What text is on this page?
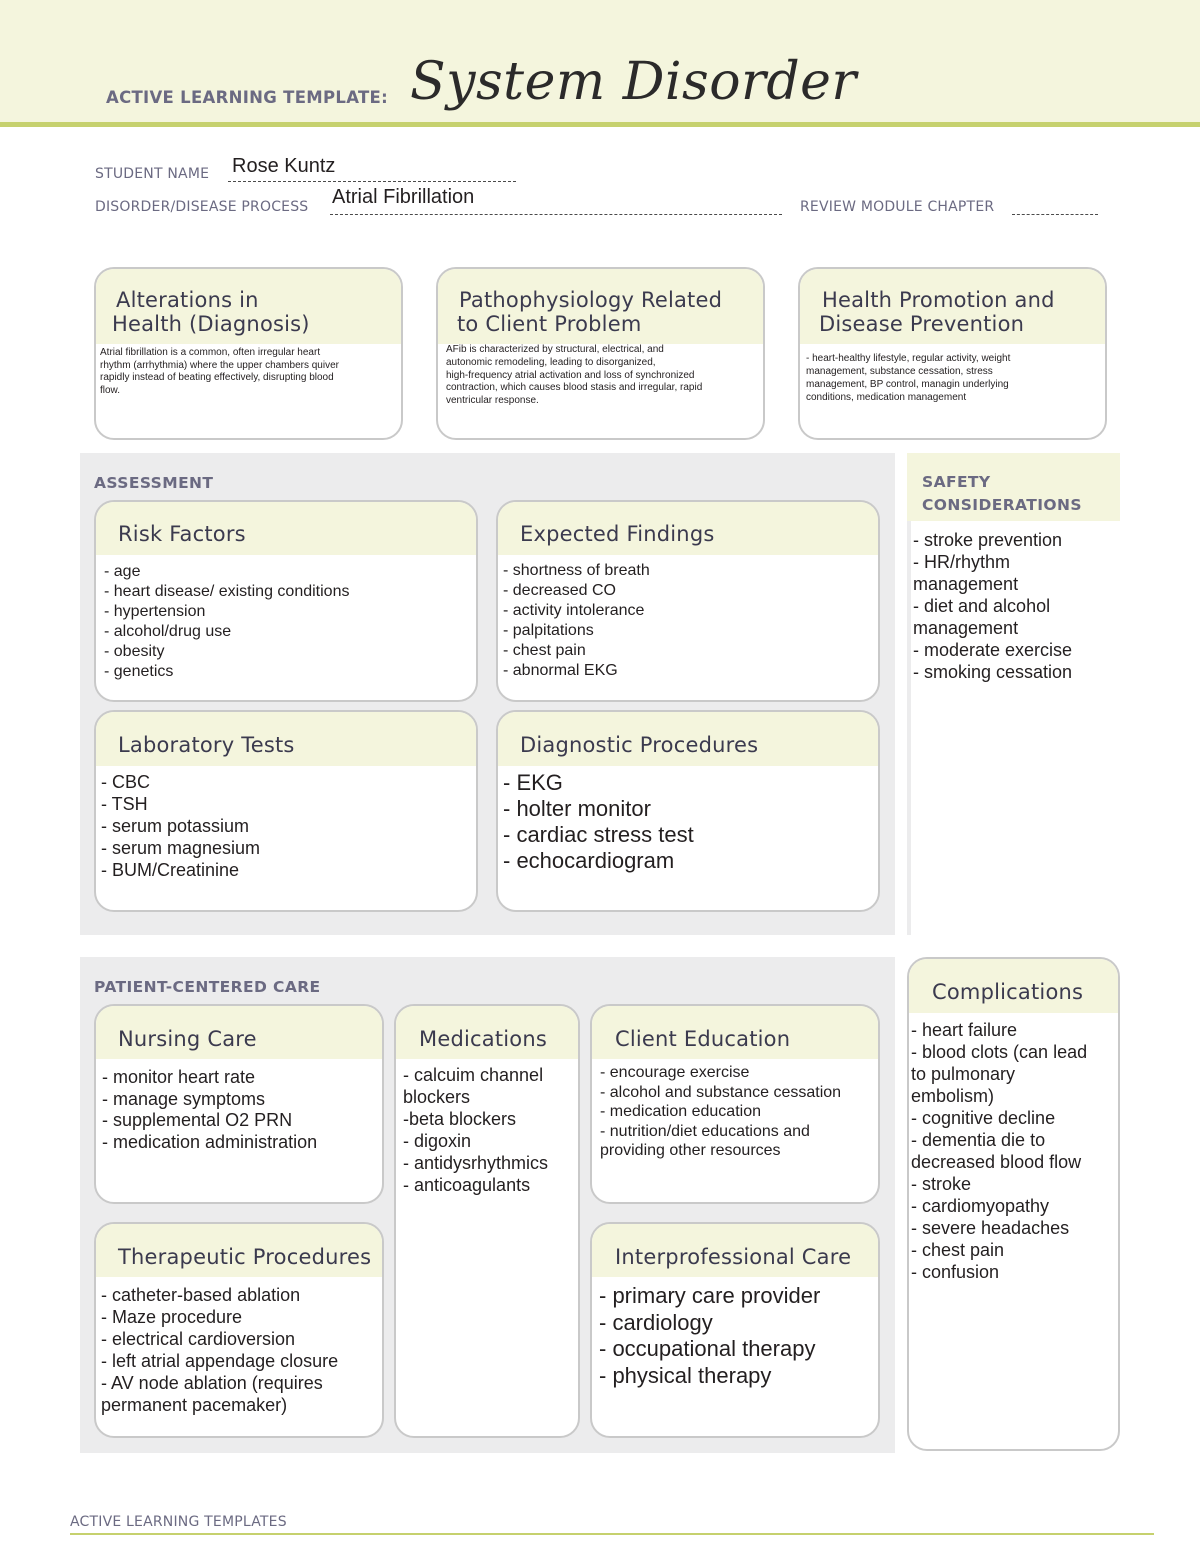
ACTIVE LEARNING TEMPLATE: System Disorder
STUDENT NAME Rose Kuntz
DISORDER/DISEASE PROCESS Atrial Fibrillation	REVIEW MODULE CHAPTER
Alterations in
Health (Diagnosis)
Atrial fibrillation is a common, often irregular heart
rhythm (arrhythmia) where the upper chambers quiver
rapidly instead of beating effectively, disrupting blood
flow.
Pathophysiology Related
to Client Problem
AFib is characterized by structural, electrical, and
autonomic remodeling, leading to disorganized,
high-frequency atrial activation and loss of synchronized
contraction, which causes blood stasis and irregular, rapid
ventricular response.
Health Promotion and
Disease Prevention
- heart-healthy lifestyle, regular activity, weight
management, substance cessation, stress
management, BP control, managin underlying
conditions, medication management
ASSESSMENT
Risk Factors
- age
- heart disease/ existing conditions
- hypertension
- alcohol/drug use
- obesity
- genetics
Expected Findings
- shortness of breath
- decreased CO
- activity intolerance
- palpitations
- chest pain
- abnormal EKG
Laboratory Tests
- CBC
- TSH
- serum potassium
- serum magnesium
- BUM/Creatinine
Diagnostic Procedures
- EKG
- holter monitor
- cardiac stress test
- echocardiogram
SAFETY
CONSIDERATIONS
- stroke prevention
- HR/rhythm
management
- diet and alcohol
management
- moderate exercise
- smoking cessation
PATIENT-CENTERED CARE
Nursing Care
- monitor heart rate
- manage symptoms
- supplemental O2 PRN
- medication administration
Medications
- calcuim channel
blockers
-beta blockers
- digoxin
- antidysrhythmics
- anticoagulants
Client Education
- encourage exercise
- alcohol and substance cessation
- medication education
- nutrition/diet educations and
providing other resources
Therapeutic Procedures
- catheter-based ablation
- Maze procedure
- electrical cardioversion
- left atrial appendage closure
- AV node ablation (requires
permanent pacemaker)
Interprofessional Care
- primary care provider
- cardiology
- occupational therapy
- physical therapy
Complications
- heart failure
- blood clots (can lead
to pulmonary
embolism)
- cognitive decline
- dementia die to
decreased blood flow
- stroke
- cardiomyopathy
- severe headaches
- chest pain
- confusion
ACTIVE LEARNING TEMPLATES
